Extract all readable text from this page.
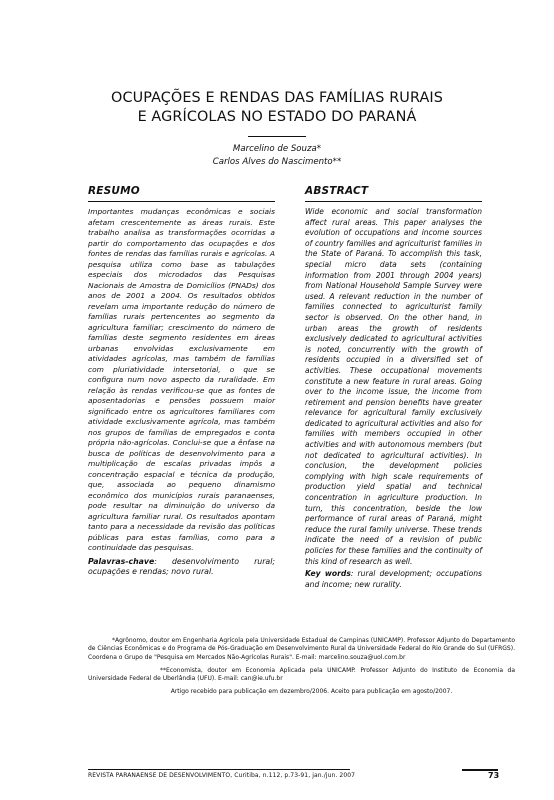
OCUPAÇÕES E RENDAS DAS FAMÍLIAS RURAIS
E AGRÍCOLAS NO ESTADO DO PARANÁ
Marcelino de Souza*
Carlos Alves do Nascimento**
RESUMO

Importantes mudanças econômicas e sociais afetam crescentemente as áreas rurais. Este trabalho analisa as transformações ocorridas a partir do comportamento das ocupações e dos fontes de rendas das famílias rurais e agrícolas. A pesquisa utiliza como base as tabulações especiais dos microdados das Pesquisas Nacionais de Amostra de Domicílios (PNADs) dos anos de 2001 a 2004. Os resultados obtidos revelam uma importante redução do número de famílias rurais pertencentes ao segmento da agricultura familiar; crescimento do número de famílias deste segmento residentes em áreas urbanas envolvidas exclusivamente em atividades agrícolas, mas também de famílias com pluriatividade intersetorial, o que se configura num novo aspecto da ruralidade. Em relação às rendas verificou-se que as fontes de aposentadorias e pensões possuem maior significado entre os agricultores familiares com atividade exclusivamente agrícola, mas também nos grupos de famílias de empregados e conta própria não-agrícolas. Conclui-se que a ênfase na busca de políticas de desenvolvimento para a multiplicação de escalas privadas impôs a concentração espacial e técnica da produção, que, associada ao pequeno dinamismo econômico dos municípios rurais paranaenses, pode resultar na diminuição do universo da agricultura familiar rural. Os resultados apontam tanto para a necessidade da revisão das políticas públicas para estas famílias, como para a continuidade das pesquisas.

Palavras-chave: desenvolvimento rural; ocupações e rendas; novo rural.

ABSTRACT

Wide economic and social transformation affect rural areas. This paper analyses the evolution of occupations and income sources of country families and agriculturist families in the State of Paraná. To accomplish this task, special micro data sets (containing information from 2001 through 2004 years) from National Household Sample Survey were used. A relevant reduction in the number of families connected to agriculturist family sector is observed. On the other hand, in urban areas the growth of residents exclusively dedicated to agricultural activities is noted, concurrently with the growth of residents occupied in a diversified set of activities. These occupational movements constitute a new feature in rural areas. Going over to the income issue, the income from retirement and pension benefits have greater relevance for agricultural family exclusively dedicated to agricultural activities and also for families with members occupied in other activities and with autonomous members (but not dedicated to agricultural activities). In conclusion, the development policies complying with high scale requirements of production yield spatial and technical concentration in agriculture production. In turn, this concentration, beside the low performance of rural areas of Paraná, might reduce the rural family universe. These trends indicate the need of a revision of public policies for these families and the continuity of this kind of research as well.

Key words: rural development; occupations and income; new rurality.

*Agrônomo, doutor em Engenharia Agrícola pela Universidade Estadual de Campinas (UNICAMP). Professor Adjunto do Departamento de Ciências Econômicas e do Programa de Pós-Graduação em Desenvolvimento Rural da Universidade Federal do Rio Grande do Sul (UFRGS). Coordena o Grupo de "Pesquisa em Mercados Não-Agrícolas Rurais". E-mail: marcelino.souza@uol.com.br

**Economista, doutor em Economia Aplicada pela UNICAMP. Professor Adjunto do Instituto de Economia da Universidade Federal de Uberlândia (UFU). E-mail: can@ie.ufu.br

Artigo recebido para publicação em dezembro/2006. Aceito para publicação em agosto/2007.

REVISTA PARANAENSE DE DESENVOLVIMENTO, Curitiba, n.112, p.73-91, jan./jun. 2007	73
